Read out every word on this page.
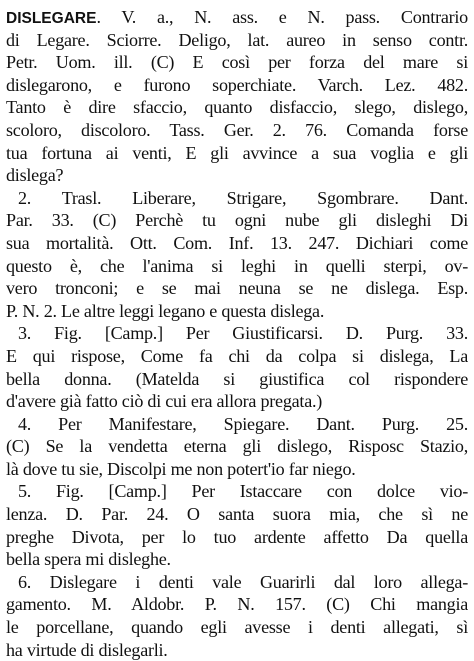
DISLEGARE. V. a., N. ass. e N. pass. Contrario
di Legare. Sciorre. Deligo, lat. aureo in senso contr.
Petr. Uom. ill. (C) E così per forza del mare si
dislegarono, e furono soperchiate. Varch. Lez. 482.
Tanto è dire sfaccio, quanto disfaccio, slego, dislego,
scoloro, discoloro. Tass. Ger. 2. 76. Comanda forse
tua fortuna ai venti, E gli avvince a sua voglia e gli
dislega?
2. Trasl. Liberare, Strigare, Sgombrare. Dant.
Par. 33. (C) Perchè tu ogni nube gli disleghi Di
sua mortalità. Ott. Com. Inf. 13. 247. Dichiari come
questo è, che l'anima si leghi in quelli sterpi, ov-
vero tronconi; e se mai neuna se ne dislega. Esp.
P. N. 2. Le altre leggi legano e questa dislega.
3. Fig. [Camp.] Per Giustificarsi. D. Purg. 33.
E qui rispose, Come fa chi da colpa si dislega, La
bella donna. (Matelda si giustifica col rispondere
d'avere già fatto ciò di cui era allora pregata.)
4. Per Manifestare, Spiegare. Dant. Purg. 25.
(C) Se la vendetta eterna gli dislego, Risposc Stazio,
là dove tu sie, Discolpi me non potert'io far niego.
5. Fig. [Camp.] Per Istaccare con dolce vio-
lenza. D. Par. 24. O santa suora mia, che sì ne
preghe Divota, per lo tuo ardente affetto Da quella
bella spera mi disleghe.
6. Dislegare i denti vale Guarirli dal loro allega-
gamento. M. Aldobr. P. N. 157. (C) Chi mangia
le porcellane, quando egli avesse i denti allegati, sì
ha virtude di dislegarli.
